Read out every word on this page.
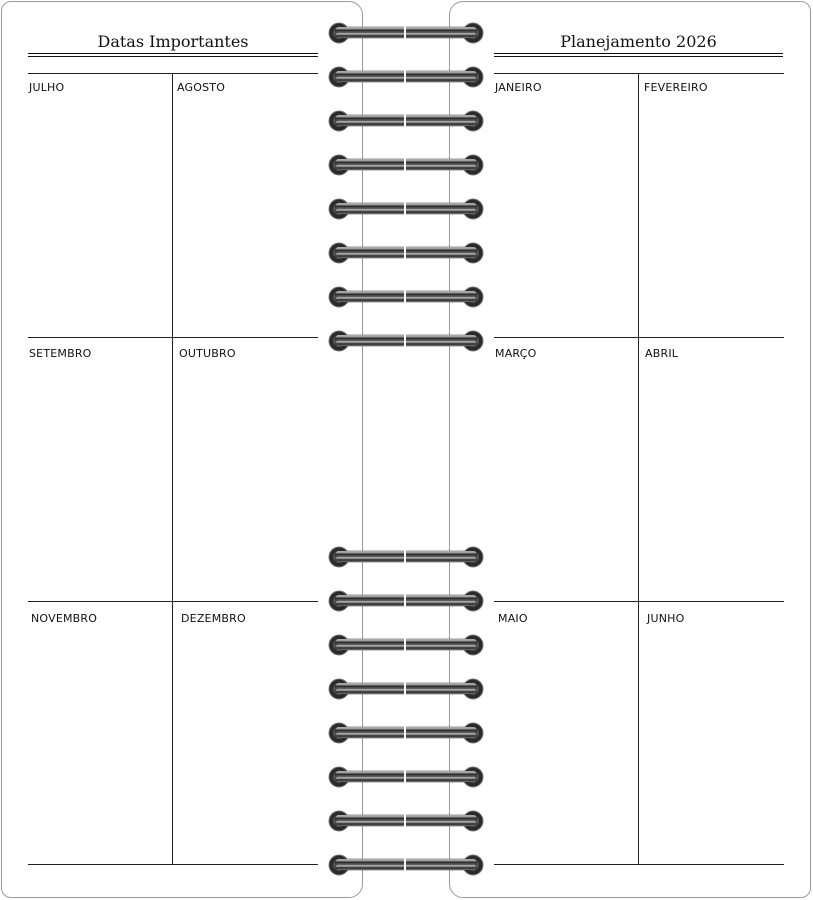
Datas Importantes
JULHO	AGOSTO
SETEMBRO	OUTUBRO
NOVEMBRO	DEZEMBRO
Planejamento 2026
JANEIRO	FEVEREIRO
MARÇO	ABRIL
MAIO	JUNHO
